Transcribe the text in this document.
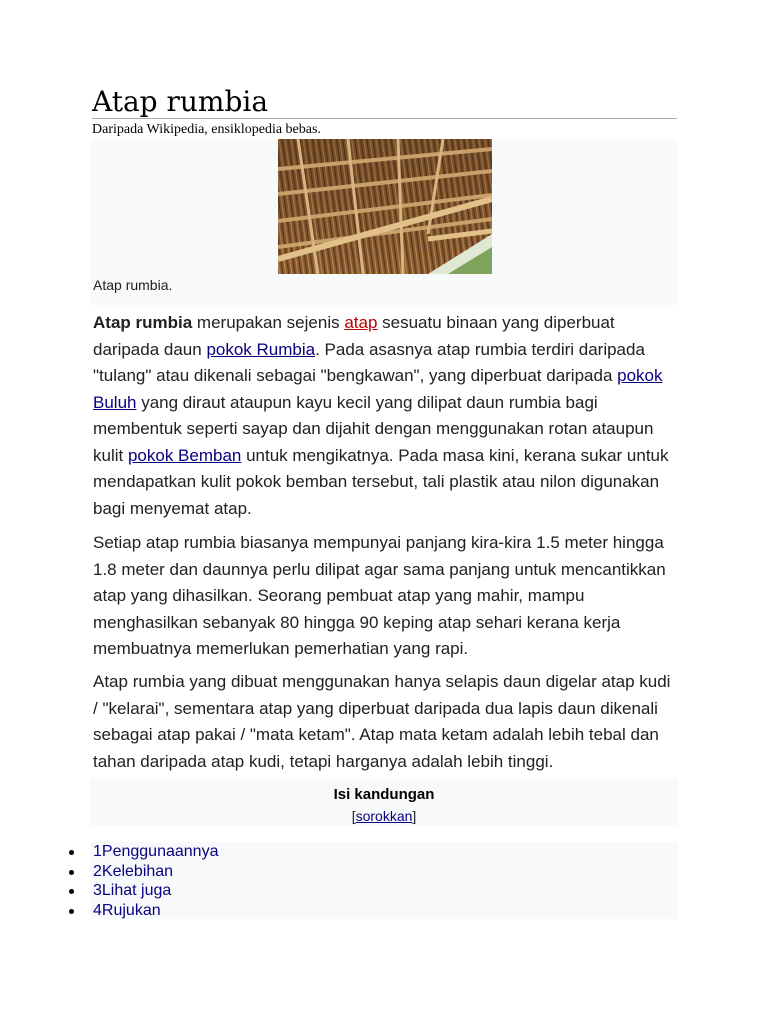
Atap rumbia
Daripada Wikipedia, ensiklopedia bebas.
Atap rumbia.

Atap rumbia merupakan sejenis atap sesuatu binaan yang diperbuat daripada daun pokok Rumbia. Pada asasnya atap rumbia terdiri daripada "tulang" atau dikenali sebagai "bengkawan", yang diperbuat daripada pokok Buluh yang diraut ataupun kayu kecil yang dilipat daun rumbia bagi membentuk seperti sayap dan dijahit dengan menggunakan rotan ataupun kulit pokok Bemban untuk mengikatnya. Pada masa kini, kerana sukar untuk mendapatkan kulit pokok bemban tersebut, tali plastik atau nilon digunakan bagi menyemat atap.

Setiap atap rumbia biasanya mempunyai panjang kira-kira 1.5 meter hingga 1.8 meter dan daunnya perlu dilipat agar sama panjang untuk mencantikkan atap yang dihasilkan. Seorang pembuat atap yang mahir, mampu menghasilkan sebanyak 80 hingga 90 keping atap sehari kerana kerja membuatnya memerlukan pemerhatian yang rapi.

Atap rumbia yang dibuat menggunakan hanya selapis daun digelar atap kudi / "kelarai", sementara atap yang diperbuat daripada dua lapis daun dikenali sebagai atap pakai / "mata ketam". Atap mata ketam adalah lebih tebal dan tahan daripada atap kudi, tetapi harganya adalah lebih tinggi.

Isi kandungan
[sorokkan]
1Penggunaannya
2Kelebihan
3Lihat juga
4Rujukan
